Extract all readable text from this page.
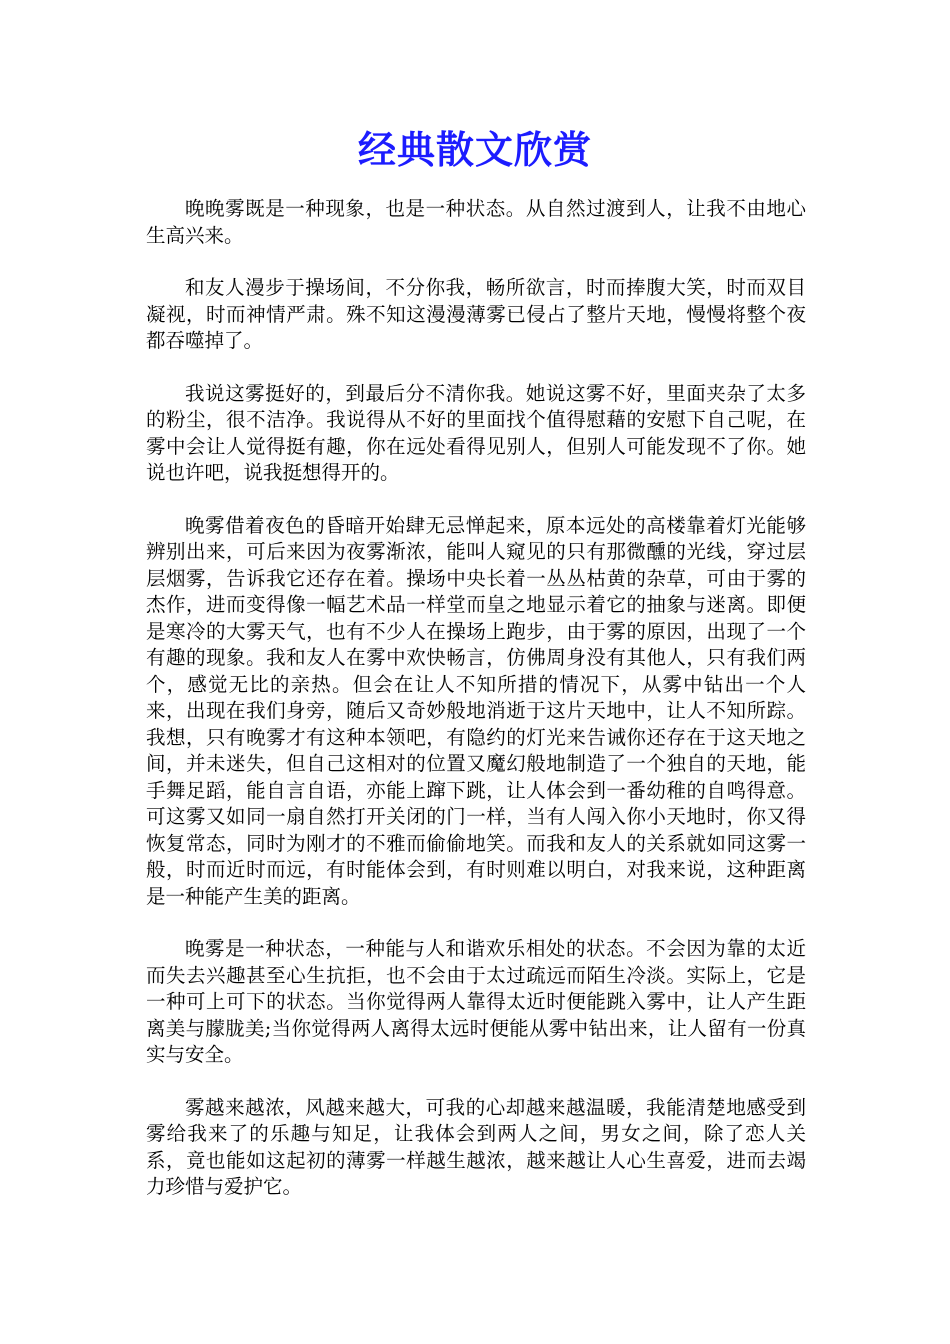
经典散文欣赏

晚晚雾既是一种现象，也是一种状态。从自然过渡到人，让我不由地心生高兴来。

和友人漫步于操场间，不分你我，畅所欲言，时而捧腹大笑，时而双目凝视，时而神情严肃。殊不知这漫漫薄雾已侵占了整片天地，慢慢将整个夜都吞噬掉了。

我说这雾挺好的，到最后分不清你我。她说这雾不好，里面夹杂了太多的粉尘，很不洁净。我说得从不好的里面找个值得慰藉的安慰下自己呢，在雾中会让人觉得挺有趣，你在远处看得见别人，但别人可能发现不了你。她说也许吧，说我挺想得开的。

晚雾借着夜色的昏暗开始肆无忌惮起来，原本远处的高楼靠着灯光能够辨别出来，可后来因为夜雾渐浓，能叫人窥见的只有那微醺的光线，穿过层层烟雾，告诉我它还存在着。操场中央长着一丛丛枯黄的杂草，可由于雾的杰作，进而变得像一幅艺术品一样堂而皇之地显示着它的抽象与迷离。即便是寒冷的大雾天气，也有不少人在操场上跑步，由于雾的原因，出现了一个有趣的现象。我和友人在雾中欢快畅言，仿佛周身没有其他人，只有我们两个，感觉无比的亲热。但会在让人不知所措的情况下，从雾中钻出一个人来，出现在我们身旁，随后又奇妙般地消逝于这片天地中，让人不知所踪。我想，只有晚雾才有这种本领吧，有隐约的灯光来告诫你还存在于这天地之间，并未迷失，但自己这相对的位置又魔幻般地制造了一个独自的天地，能手舞足蹈，能自言自语，亦能上蹿下跳，让人体会到一番幼稚的自鸣得意。可这雾又如同一扇自然打开关闭的门一样，当有人闯入你小天地时，你又得恢复常态，同时为刚才的不雅而偷偷地笑。而我和友人的关系就如同这雾一般，时而近时而远，有时能体会到，有时则难以明白，对我来说，这种距离是一种能产生美的距离。

晚雾是一种状态，一种能与人和谐欢乐相处的状态。不会因为靠的太近而失去兴趣甚至心生抗拒，也不会由于太过疏远而陌生冷淡。实际上，它是一种可上可下的状态。当你觉得两人靠得太近时便能跳入雾中，让人产生距离美与朦胧美;当你觉得两人离得太远时便能从雾中钻出来，让人留有一份真实与安全。

雾越来越浓，风越来越大，可我的心却越来越温暖，我能清楚地感受到雾给我来了的乐趣与知足，让我体会到两人之间，男女之间，除了恋人关系，竟也能如这起初的薄雾一样越生越浓，越来越让人心生喜爱，进而去竭力珍惜与爱护它。
